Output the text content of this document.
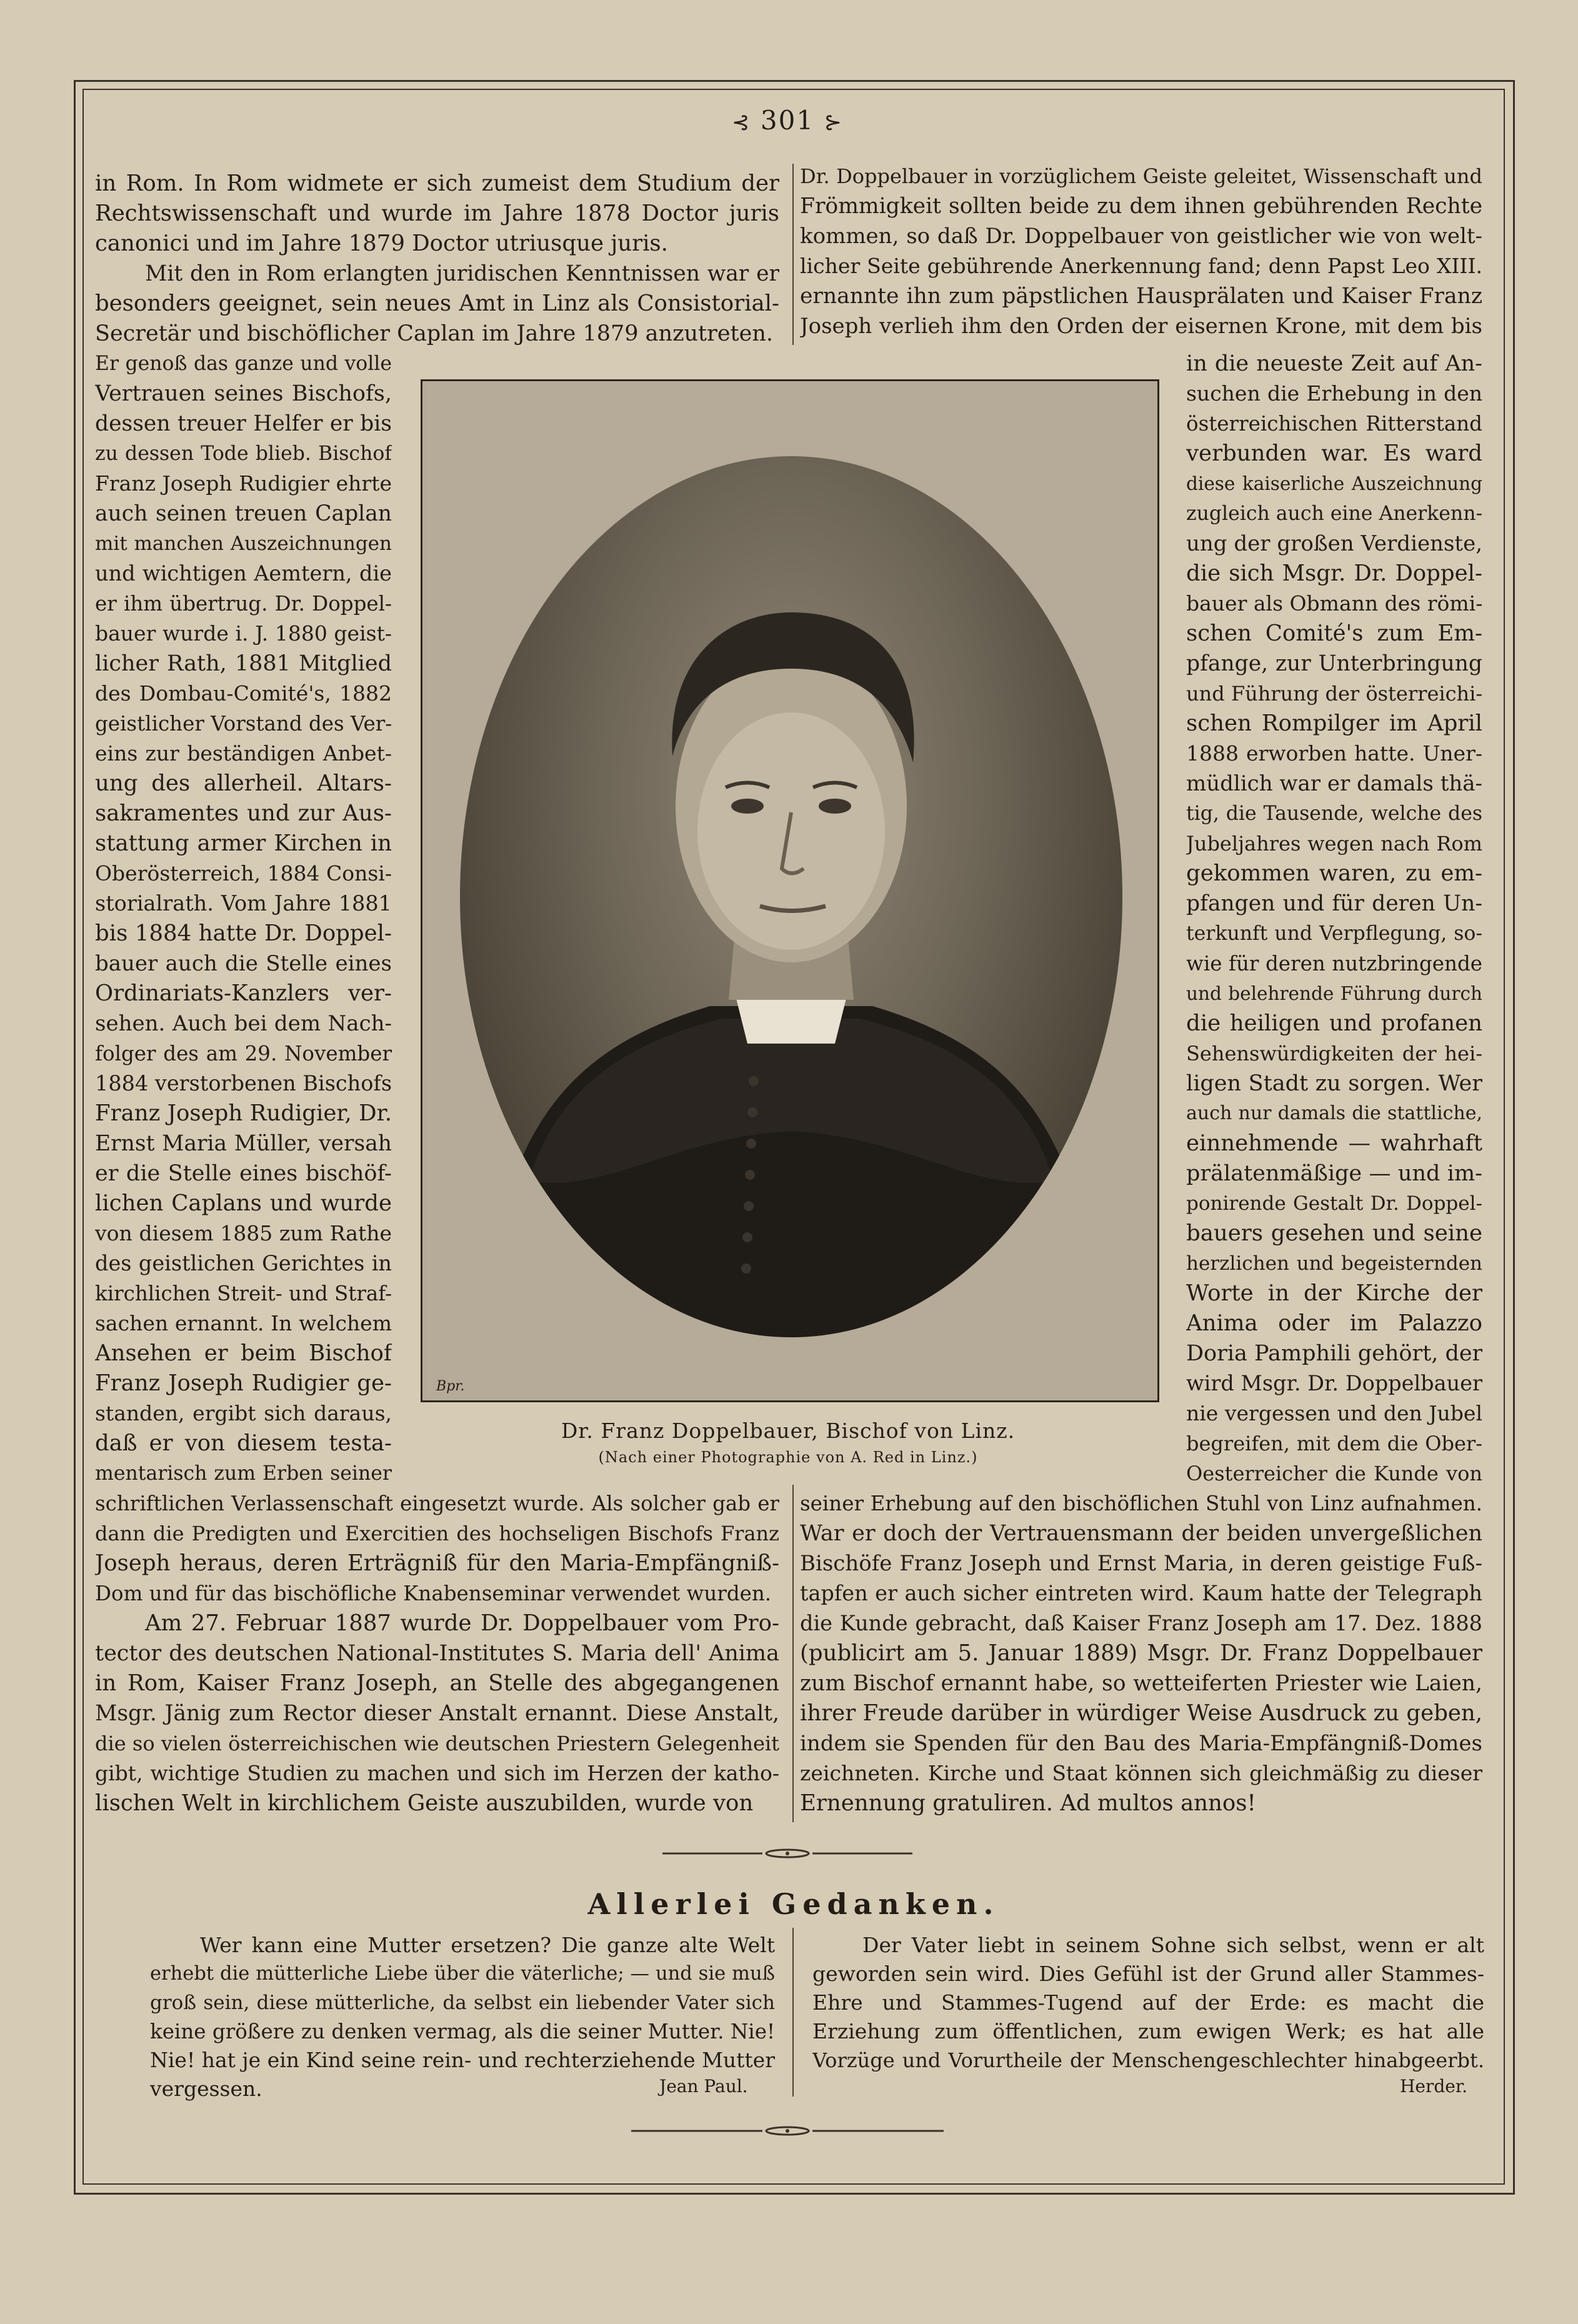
⊰ 301 ⊱
in Rom. In Rom widmete er sich zumeist dem Studium der
Rechtswissenschaft und wurde im Jahre 1878 Doctor juris
canonici und im Jahre 1879 Doctor utriusque juris.
Mit den in Rom erlangten juridischen Kenntnissen war er
besonders geeignet, sein neues Amt in Linz als Consistorial-
Secretär und bischöflicher Caplan im Jahre 1879 anzutreten.
Dr. Doppelbauer in vorzüglichem Geiste geleitet, Wissenschaft und
Frömmigkeit sollten beide zu dem ihnen gebührenden Rechte
kommen, so daß Dr. Doppelbauer von geistlicher wie von welt-
licher Seite gebührende Anerkennung fand; denn Papst Leo XIII.
ernannte ihn zum päpstlichen Hausprälaten und Kaiser Franz
Joseph verlieh ihm den Orden der eisernen Krone, mit dem bis
Er genoß das ganze und volle
Vertrauen seines Bischofs,
dessen treuer Helfer er bis
zu dessen Tode blieb. Bischof
Franz Joseph Rudigier ehrte
auch seinen treuen Caplan
mit manchen Auszeichnungen
und wichtigen Aemtern, die
er ihm übertrug. Dr. Doppel-
bauer wurde i. J. 1880 geist-
licher Rath, 1881 Mitglied
des Dombau-Comité's, 1882
geistlicher Vorstand des Ver-
eins zur beständigen Anbet-
ung des allerheil. Altars-
sakramentes und zur Aus-
stattung armer Kirchen in
Oberösterreich, 1884 Consi-
storialrath. Vom Jahre 1881
bis 1884 hatte Dr. Doppel-
bauer auch die Stelle eines
Ordinariats-Kanzlers ver-
sehen. Auch bei dem Nach-
folger des am 29. November
1884 verstorbenen Bischofs
Franz Joseph Rudigier, Dr.
Ernst Maria Müller, versah
er die Stelle eines bischöf-
lichen Caplans und wurde
von diesem 1885 zum Rathe
des geistlichen Gerichtes in
kirchlichen Streit- und Straf-
sachen ernannt. In welchem
Ansehen er beim Bischof
Franz Joseph Rudigier ge-
standen, ergibt sich daraus,
daß er von diesem testa-
mentarisch zum Erben seiner
in die neueste Zeit auf An-
suchen die Erhebung in den
österreichischen Ritterstand
verbunden war. Es ward
diese kaiserliche Auszeichnung
zugleich auch eine Anerkenn-
ung der großen Verdienste,
die sich Msgr. Dr. Doppel-
bauer als Obmann des römi-
schen Comité's zum Em-
pfange, zur Unterbringung
und Führung der österreichi-
schen Rompilger im April
1888 erworben hatte. Uner-
müdlich war er damals thä-
tig, die Tausende, welche des
Jubeljahres wegen nach Rom
gekommen waren, zu em-
pfangen und für deren Un-
terkunft und Verpflegung, so-
wie für deren nutzbringende
und belehrende Führung durch
die heiligen und profanen
Sehenswürdigkeiten der hei-
ligen Stadt zu sorgen. Wer
auch nur damals die stattliche,
einnehmende — wahrhaft
prälatenmäßige — und im-
ponirende Gestalt Dr. Doppel-
bauers gesehen und seine
herzlichen und begeisternden
Worte in der Kirche der
Anima oder im Palazzo
Doria Pamphili gehört, der
wird Msgr. Dr. Doppelbauer
nie vergessen und den Jubel
begreifen, mit dem die Ober-
Oesterreicher die Kunde von
Bpr.
Dr. Franz Doppelbauer, Bischof von Linz.
(Nach einer Photographie von A. Red in Linz.)
schriftlichen Verlassenschaft eingesetzt wurde. Als solcher gab er
dann die Predigten und Exercitien des hochseligen Bischofs Franz
Joseph heraus, deren Erträgniß für den Maria-Empfängniß-
Dom und für das bischöfliche Knabenseminar verwendet wurden.
Am 27. Februar 1887 wurde Dr. Doppelbauer vom Pro-
tector des deutschen National-Institutes S. Maria dell' Anima
in Rom, Kaiser Franz Joseph, an Stelle des abgegangenen
Msgr. Jänig zum Rector dieser Anstalt ernannt. Diese Anstalt,
die so vielen österreichischen wie deutschen Priestern Gelegenheit
gibt, wichtige Studien zu machen und sich im Herzen der katho-
lischen Welt in kirchlichem Geiste auszubilden, wurde von
seiner Erhebung auf den bischöflichen Stuhl von Linz aufnahmen.
War er doch der Vertrauensmann der beiden unvergeßlichen
Bischöfe Franz Joseph und Ernst Maria, in deren geistige Fuß-
tapfen er auch sicher eintreten wird. Kaum hatte der Telegraph
die Kunde gebracht, daß Kaiser Franz Joseph am 17. Dez. 1888
(publicirt am 5. Januar 1889) Msgr. Dr. Franz Doppelbauer
zum Bischof ernannt habe, so wetteiferten Priester wie Laien,
ihrer Freude darüber in würdiger Weise Ausdruck zu geben,
indem sie Spenden für den Bau des Maria-Empfängniß-Domes
zeichneten. Kirche und Staat können sich gleichmäßig zu dieser
Ernennung gratuliren. Ad multos annos!
Allerlei Gedanken.
Wer kann eine Mutter ersetzen? Die ganze alte Welt
erhebt die mütterliche Liebe über die väterliche; — und sie muß
groß sein, diese mütterliche, da selbst ein liebender Vater sich
keine größere zu denken vermag, als die seiner Mutter. Nie!
Nie! hat je ein Kind seine rein- und rechterziehende Mutter
vergessen.	Jean Paul.
Der Vater liebt in seinem Sohne sich selbst, wenn er alt
geworden sein wird. Dies Gefühl ist der Grund aller Stammes-
Ehre und Stammes-Tugend auf der Erde: es macht die
Erziehung zum öffentlichen, zum ewigen Werk; es hat alle
Vorzüge und Vorurtheile der Menschengeschlechter hinabgeerbt.
Herder.
